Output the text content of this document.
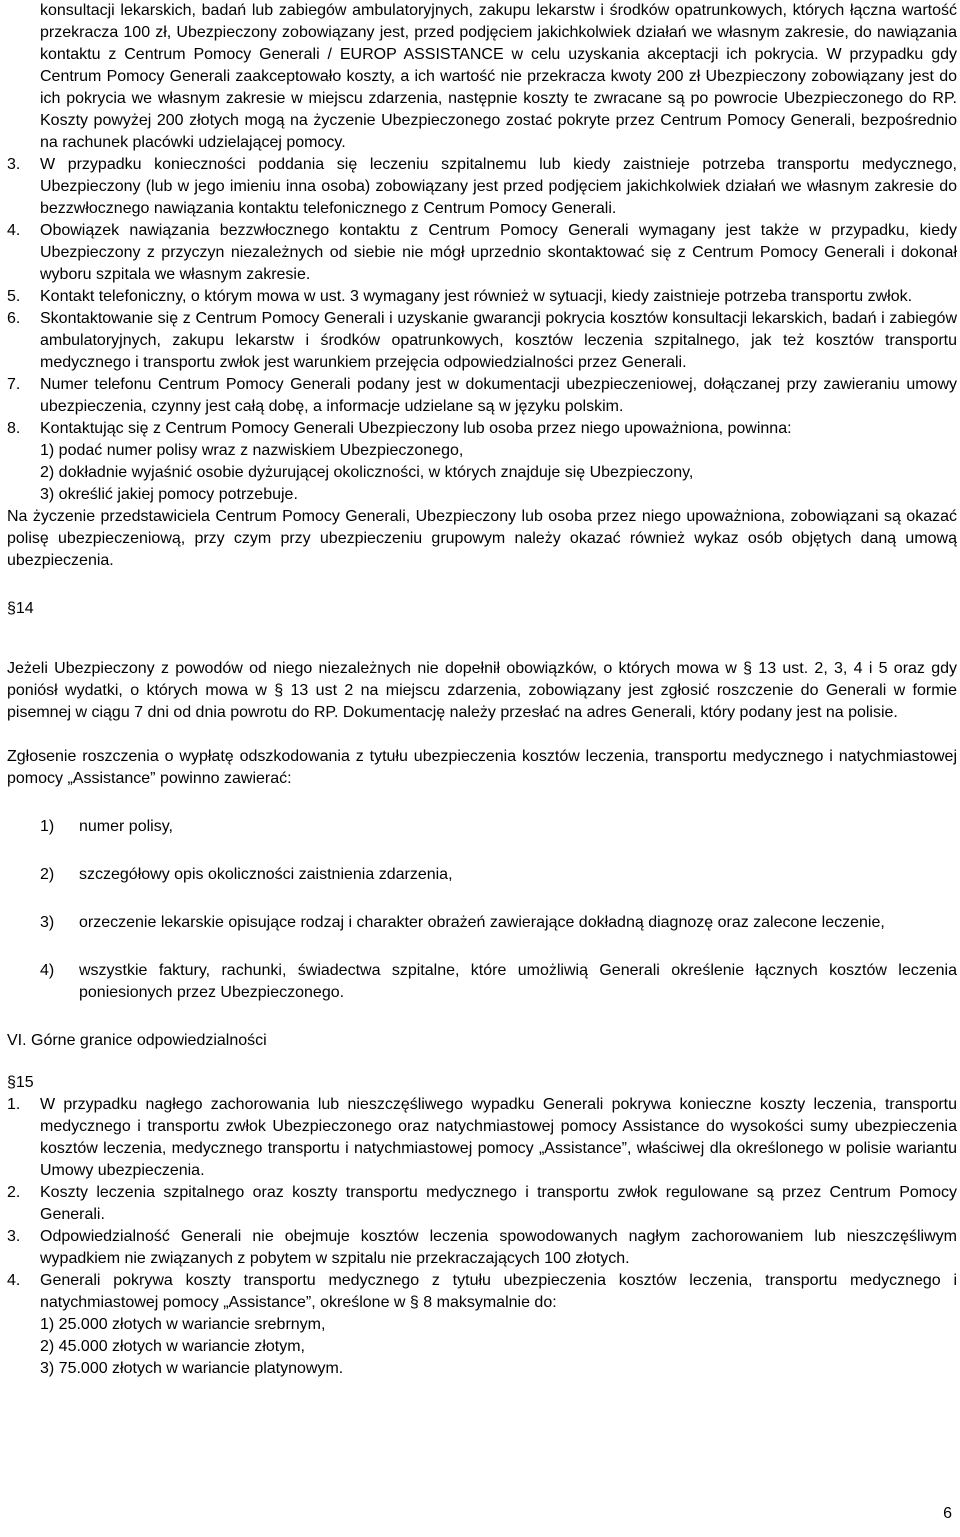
konsultacji lekarskich, badań lub zabiegów ambulatoryjnych, zakupu lekarstw i środków opatrunkowych, których łączna wartość przekracza 100 zł, Ubezpieczony zobowiązany jest, przed podjęciem jakichkolwiek działań we własnym zakresie, do nawiązania kontaktu z Centrum Pomocy Generali / EUROP ASSISTANCE w celu uzyskania akceptacji ich pokrycia. W przypadku gdy Centrum Pomocy Generali zaakceptowało koszty, a ich wartość nie przekracza kwoty 200 zł Ubezpieczony zobowiązany jest do ich pokrycia we własnym zakresie w miejscu zdarzenia, następnie koszty te zwracane są po powrocie Ubezpieczonego do RP. Koszty powyżej 200 złotych mogą na życzenie Ubezpieczonego zostać pokryte przez Centrum Pomocy Generali, bezpośrednio na rachunek placówki udzielającej pomocy.

3.	W przypadku konieczności poddania się leczeniu szpitalnemu lub kiedy zaistnieje potrzeba transportu medycznego, Ubezpieczony (lub w jego imieniu inna osoba) zobowiązany jest przed podjęciem jakichkolwiek działań we własnym zakresie do bezzwłocznego nawiązania kontaktu telefonicznego z Centrum Pomocy Generali.
4.	Obowiązek nawiązania bezzwłocznego kontaktu z Centrum Pomocy Generali wymagany jest także w przypadku, kiedy Ubezpieczony z przyczyn niezależnych od siebie nie mógł uprzednio skontaktować się z Centrum Pomocy Generali i dokonał wyboru szpitala we własnym zakresie.
5.	Kontakt telefoniczny, o którym mowa w ust. 3 wymagany jest również w sytuacji, kiedy zaistnieje potrzeba transportu zwłok.
6.	Skontaktowanie się z Centrum Pomocy Generali i uzyskanie gwarancji pokrycia kosztów konsultacji lekarskich, badań i zabiegów ambulatoryjnych, zakupu lekarstw i środków opatrunkowych, kosztów leczenia szpitalnego, jak też kosztów transportu medycznego i transportu zwłok jest warunkiem przejęcia odpowiedzialności przez Generali.
7.	Numer telefonu Centrum Pomocy Generali podany jest w dokumentacji ubezpieczeniowej, dołączanej przy zawieraniu umowy ubezpieczenia, czynny jest całą dobę, a informacje udzielane są w języku polskim.
8.	Kontaktując się z Centrum Pomocy Generali Ubezpieczony lub osoba przez niego upoważniona, powinna:
1) podać numer polisy wraz z nazwiskiem Ubezpieczonego,
2) dokładnie wyjaśnić osobie dyżurującej okoliczności, w których znajduje się Ubezpieczony,
3) określić jakiej pomocy potrzebuje.

Na życzenie przedstawiciela Centrum Pomocy Generali, Ubezpieczony lub osoba przez niego upoważniona, zobowiązani są okazać polisę ubezpieczeniową, przy czym przy ubezpieczeniu grupowym należy okazać również wykaz osób objętych daną umową ubezpieczenia.

§14

Jeżeli Ubezpieczony z powodów od niego niezależnych nie dopełnił obowiązków, o których mowa w § 13 ust. 2, 3, 4 i 5 oraz gdy poniósł wydatki, o których mowa w § 13 ust 2 na miejscu zdarzenia, zobowiązany jest zgłosić roszczenie do Generali w formie pisemnej w ciągu 7 dni od dnia powrotu do RP. Dokumentację należy przesłać na adres Generali, który podany jest na polisie.

Zgłosenie roszczenia o wypłatę odszkodowania z tytułu ubezpieczenia kosztów leczenia, transportu medycznego i natychmiastowej pomocy „Assistance” powinno zawierać:

1)	numer polisy,
2)	szczegółowy opis okoliczności zaistnienia zdarzenia,
3)	orzeczenie lekarskie opisujące rodzaj i charakter obrażeń zawierające dokładną diagnozę oraz zalecone leczenie,
4)	wszystkie faktury, rachunki, świadectwa szpitalne, które umożliwią Generali określenie łącznych kosztów leczenia poniesionych przez Ubezpieczonego.

VI. Górne granice odpowiedzialności

§15
1.	W przypadku nagłego zachorowania lub nieszczęśliwego wypadku Generali pokrywa konieczne koszty leczenia, transportu medycznego i transportu zwłok Ubezpieczonego oraz natychmiastowej pomocy Assistance do wysokości sumy ubezpieczenia kosztów leczenia, medycznego transportu i natychmiastowej pomocy „Assistance”, właściwej dla określonego w polisie wariantu Umowy ubezpieczenia.
2.	Koszty leczenia szpitalnego oraz koszty transportu medycznego i transportu zwłok regulowane są przez Centrum Pomocy Generali.
3.	Odpowiedzialność Generali nie obejmuje kosztów leczenia spowodowanych nagłym zachorowaniem lub nieszczęśliwym wypadkiem nie związanych z pobytem w szpitalu nie przekraczających 100 złotych.
4.	Generali pokrywa koszty transportu medycznego z tytułu ubezpieczenia kosztów leczenia, transportu medycznego i natychmiastowej pomocy „Assistance”, określone w § 8 maksymalnie do:
1) 25.000 złotych w wariancie srebrnym,
2) 45.000 złotych w wariancie złotym,
3) 75.000 złotych w wariancie platynowym.
6
